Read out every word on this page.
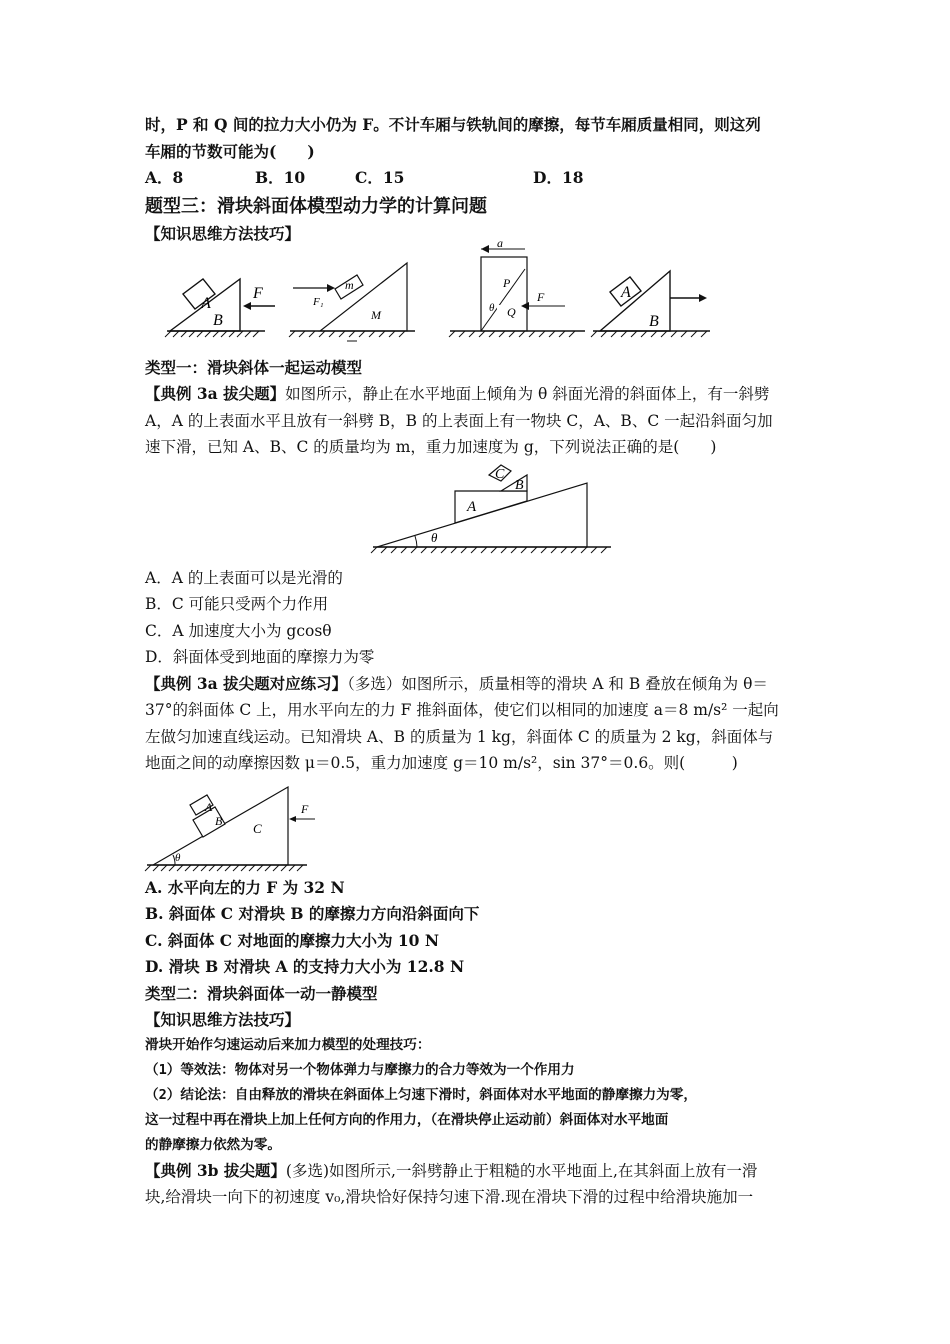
时，P 和 Q 间的拉力大小仍为 F。不计车厢与铁轨间的摩擦，每节车厢质量相同，则这列

车厢的节数可能为(　　)

A．8	B．10	C．15	D．18
题型三：滑块斜面体模型动力学的计算问题
【知识思维方法技巧】
A
B
F	m
F₁
M
a
P
θ Q
F	A
B
类型一：滑块斜体一起运动模型

【典例 3a 拔尖题】如图所示，静止在水平地面上倾角为 θ 斜面光滑的斜面体上，有一斜劈

A，A 的上表面水平且放有一斜劈 B，B 的上表面上有一物块 C，A、B、C 一起沿斜面匀加

速下滑，已知 A、B、C 的质量均为 m，重力加速度为 g，下列说法正确的是(　　)

C
B
A
θ

A．A 的上表面可以是光滑的

B．C 可能只受两个力作用

C．A 加速度大小为 gcosθ

D．斜面体受到地面的摩擦力为零

【典例 3a 拔尖题对应练习】（多选）如图所示，质量相等的滑块 A 和 B 叠放在倾角为 θ＝

37°的斜面体 C 上，用水平向左的力 F 推斜面体，使它们以相同的加速度 a＝8 m/s² 一起向

左做匀加速直线运动。已知滑块 A、B 的质量为 1 kg，斜面体 C 的质量为 2 kg，斜面体与

地面之间的动摩擦因数 μ＝0.5，重力加速度 g＝10 m/s²，sin 37°＝0.6。则(　　　)

A
B C
F
θ

A. 水平向左的力 F 为 32 N

B. 斜面体 C 对滑块 B 的摩擦力方向沿斜面向下

C. 斜面体 C 对地面的摩擦力大小为 10 N

D. 滑块 B 对滑块 A 的支持力大小为 12.8 N

类型二：滑块斜面体一动一静模型
【知识思维方法技巧】

滑块开始作匀速运动后来加力模型的处理技巧：

（1）等效法：物体对另一个物体弹力与摩擦力的合力等效为一个作用力

（2）结论法：自由释放的滑块在斜面体上匀速下滑时，斜面体对水平地面的静摩擦力为零，

这一过程中再在滑块上加上任何方向的作用力，（在滑块停止运动前）斜面体对水平地面

的静摩擦力依然为零。

【典例 3b 拔尖题】(多选)如图所示,一斜劈静止于粗糙的水平地面上,在其斜面上放有一滑

块,给滑块一向下的初速度 v₀,滑块恰好保持匀速下滑.现在滑块下滑的过程中给滑块施加一
